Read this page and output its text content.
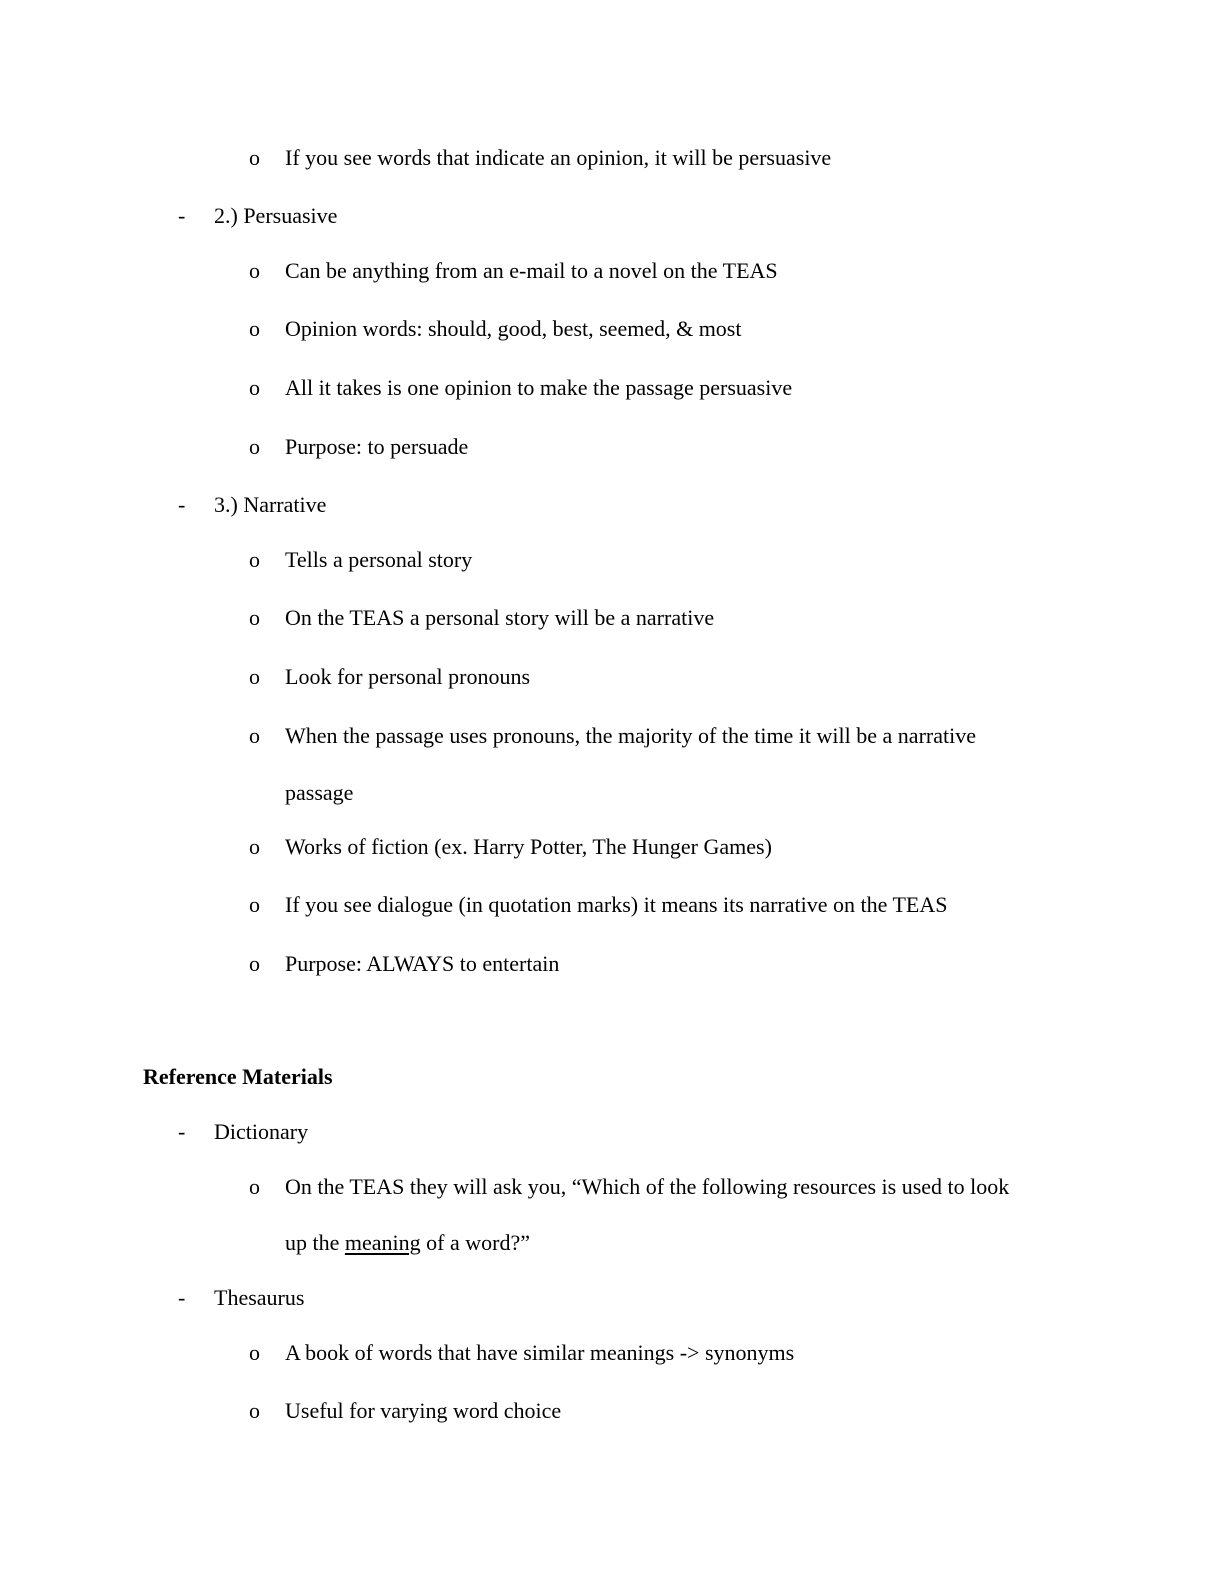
o If you see words that indicate an opinion, it will be persuasive
- 2.) Persuasive
o Can be anything from an e-mail to a novel on the TEAS
o Opinion words: should, good, best, seemed, & most
o All it takes is one opinion to make the passage persuasive
o Purpose: to persuade
- 3.) Narrative
o Tells a personal story
o On the TEAS a personal story will be a narrative
o Look for personal pronouns
o When the passage uses pronouns, the majority of the time it will be a narrative
passage
o Works of fiction (ex. Harry Potter, The Hunger Games)
o If you see dialogue (in quotation marks) it means its narrative on the TEAS
o Purpose: ALWAYS to entertain
Reference Materials
- Dictionary
o On the TEAS they will ask you, “Which of the following resources is used to look
up the meaning of a word?”
- Thesaurus
o A book of words that have similar meanings -> synonyms
o Useful for varying word choice
